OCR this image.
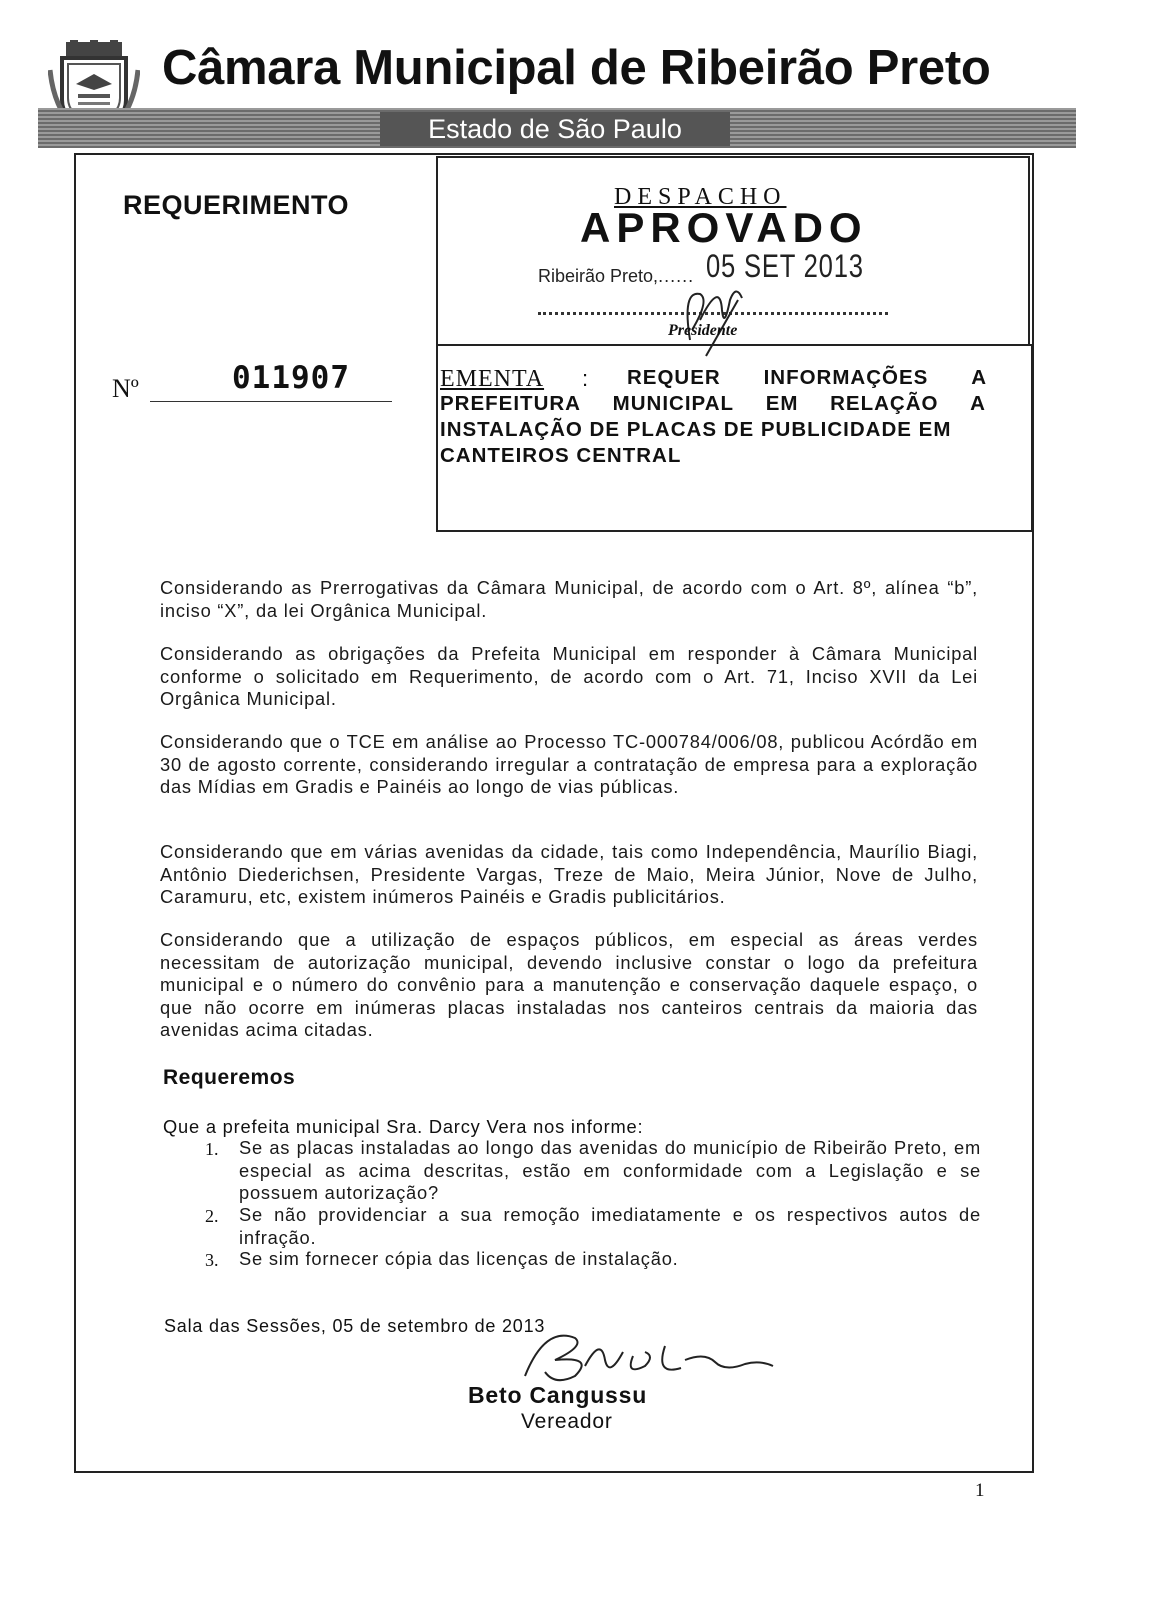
Câmara Municipal de Ribeirão Preto
Estado de São Paulo
REQUERIMENTO
Nº	011907
DESPACHO
APROVADO
Ribeirão Preto,...... 05 SET 2013
Presidente
EMENTA : REQUER INFORMAÇÕES A
PREFEITURA MUNICIPAL EM RELAÇÃO A
INSTALAÇÃO DE PLACAS DE PUBLICIDADE EM
CANTEIROS CENTRAL

Considerando as Prerrogativas da Câmara Municipal, de acordo com o Art. 8º, alínea “b”, inciso “X”, da lei Orgânica Municipal.

Considerando as obrigações da Prefeita Municipal em responder à Câmara Municipal conforme o solicitado em Requerimento, de acordo com o Art. 71, Inciso XVII da Lei Orgânica Municipal.

Considerando que o TCE em análise ao Processo TC-000784/006/08, publicou Acórdão em 30 de agosto corrente, considerando irregular a contratação de empresa para a exploração das Mídias em Gradis e Painéis ao longo de vias públicas.

Considerando que em várias avenidas da cidade, tais como Independência, Maurílio Biagi, Antônio Diederichsen, Presidente Vargas, Treze de Maio, Meira Júnior, Nove de Julho, Caramuru, etc, existem inúmeros Painéis e Gradis publicitários.

Considerando que a utilização de espaços públicos, em especial as áreas verdes necessitam de autorização municipal, devendo inclusive constar o logo da prefeitura municipal e o número do convênio para a manutenção e conservação daquele espaço, o que não ocorre em inúmeras placas instaladas nos canteiros centrais da maioria das avenidas acima citadas.

Requeremos
Que a prefeita municipal Sra. Darcy Vera nos informe:
1. Se as placas instaladas ao longo das avenidas do município de Ribeirão Preto, em especial as acima descritas, estão em conformidade com a Legislação e se possuem autorização?

2. Se não providenciar a sua remoção imediatamente e os respectivos autos de infração.

3. Se sim fornecer cópia das licenças de instalação.

Sala das Sessões, 05 de setembro de 2013
Beto Cangussu
Vereador
1
